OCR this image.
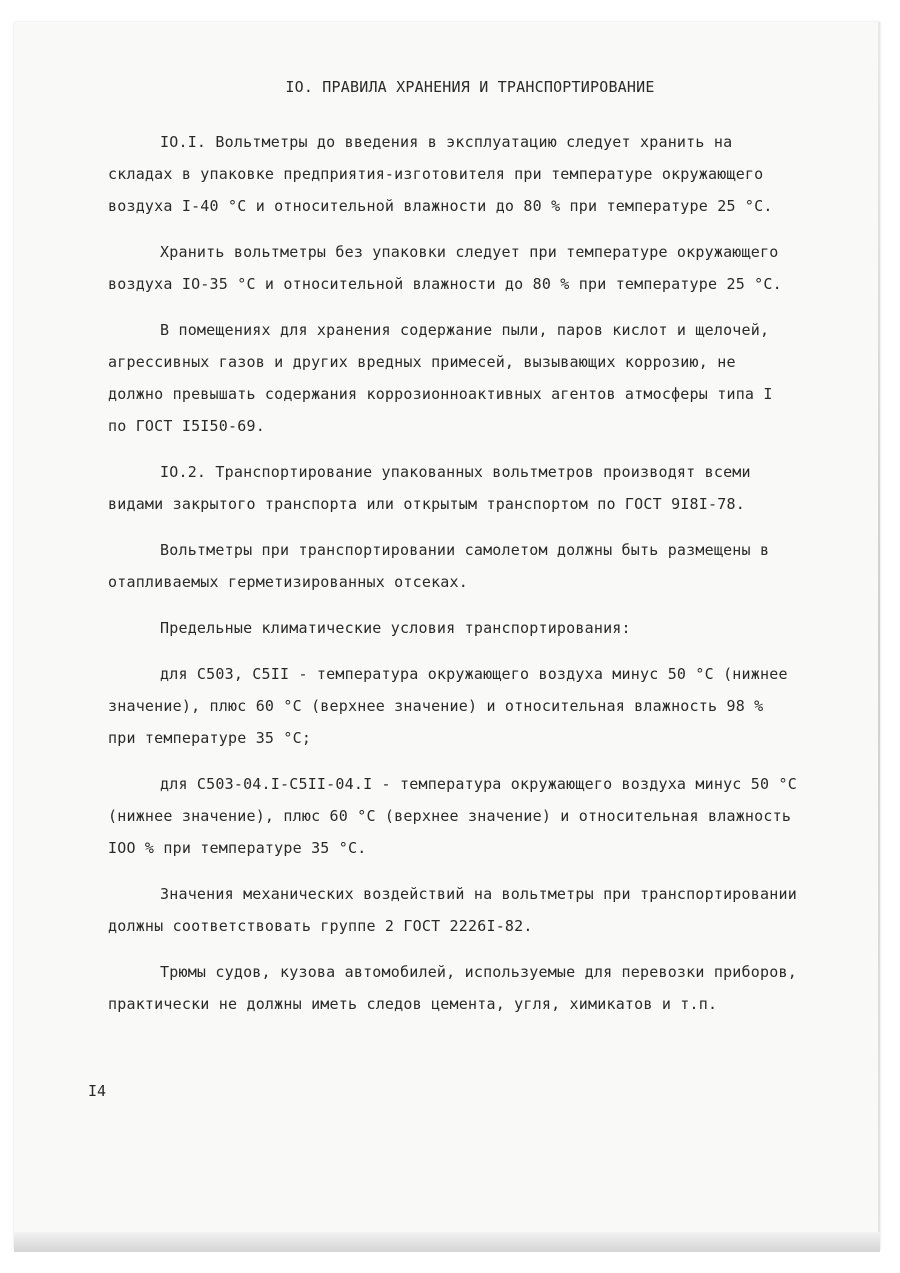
IO. ПРАВИЛА ХРАНЕНИЯ И ТРАНСПОРТИРОВАНИЕ

IO.I. Вольтметры до введения в эксплуатацию следует хранить на складах в упаковке предприятия-изготовителя при температуре окружающего воздуха I-40 °С и относительной влажности до 80 % при температуре 25 °С.

Хранить вольтметры без упаковки следует при температуре окружающего воздуха IO-35 °С и относительной влажности до 80 % при температуре 25 °С.

В помещениях для хранения содержание пыли, паров кислот и щелочей, агрессивных газов и других вредных примесей, вызывающих коррозию, не должно превышать содержания коррозионноактивных агентов атмосферы типа I по ГОСТ I5I50-69.

IO.2. Транспортирование упакованных вольтметров производят всеми видами закрытого транспорта или открытым транспортом по ГОСТ 9I8I-78.

Вольтметры при транспортировании самолетом должны быть размещены в отапливаемых герметизированных отсеках.

Предельные климатические условия транспортирования:

для С503, С5II - температура окружающего воздуха минус 50 °С (нижнее значение), плюс 60 °С (верхнее значение) и относительная влажность 98 % при температуре 35 °С;

для С503-04.I-С5II-04.I - температура окружающего воздуха минус 50 °С (нижнее значение), плюс 60 °С (верхнее значение) и относительная влажность IOO % при температуре 35 °С.

Значения механических воздействий на вольтметры при транспортировании должны соответствовать группе 2 ГОСТ 2226I-82.

Трюмы судов, кузова автомобилей, используемые для перевозки приборов, практически не должны иметь следов цемента, угля, химикатов и т.п.

I4
